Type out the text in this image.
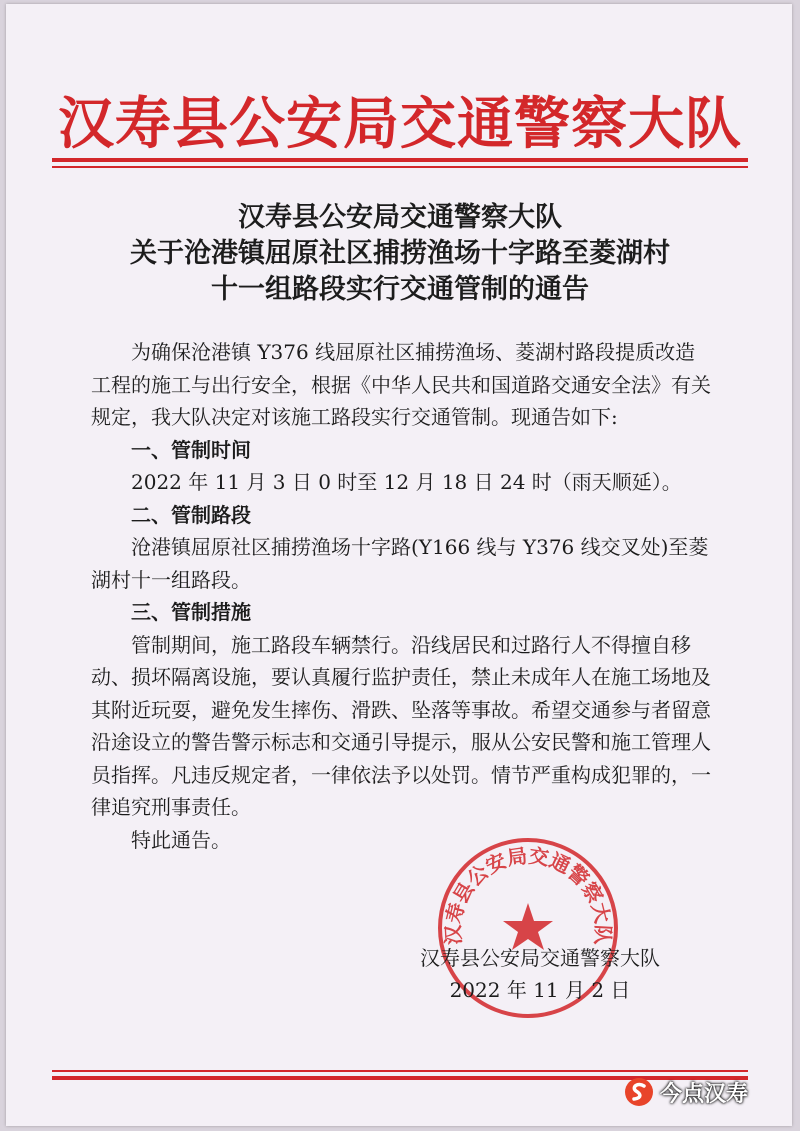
汉寿县公安局交通警察大队
汉寿县公安局交通警察大队
关于沧港镇屈原社区捕捞渔场十字路至菱湖村
十一组路段实行交通管制的通告

为确保沧港镇 Y376 线屈原社区捕捞渔场、菱湖村路段提质改造工程的施工与出行安全，根据《中华人民共和国道路交通安全法》有关规定，我大队决定对该施工路段实行交通管制。现通告如下:

一、管制时间

2022 年 11 月 3 日 0 时至 12 月 18 日 24 时（雨天顺延）。

二、管制路段

沧港镇屈原社区捕捞渔场十字路(Y166 线与 Y376 线交叉处)至菱湖村十一组路段。

三、管制措施

管制期间，施工路段车辆禁行。沿线居民和过路行人不得擅自移动、损坏隔离设施，要认真履行监护责任，禁止未成年人在施工场地及其附近玩耍，避免发生摔伤、滑跌、坠落等事故。希望交通参与者留意沿途设立的警告警示标志和交通引导提示，服从公安民警和施工管理人员指挥。凡违反规定者，一律依法予以处罚。情节严重构成犯罪的，一律追究刑事责任。

特此通告。

汉寿县公安局交通警察大队
汉寿县公安局交通警察大队
2022 年 11 月 2 日
今点汉寿
